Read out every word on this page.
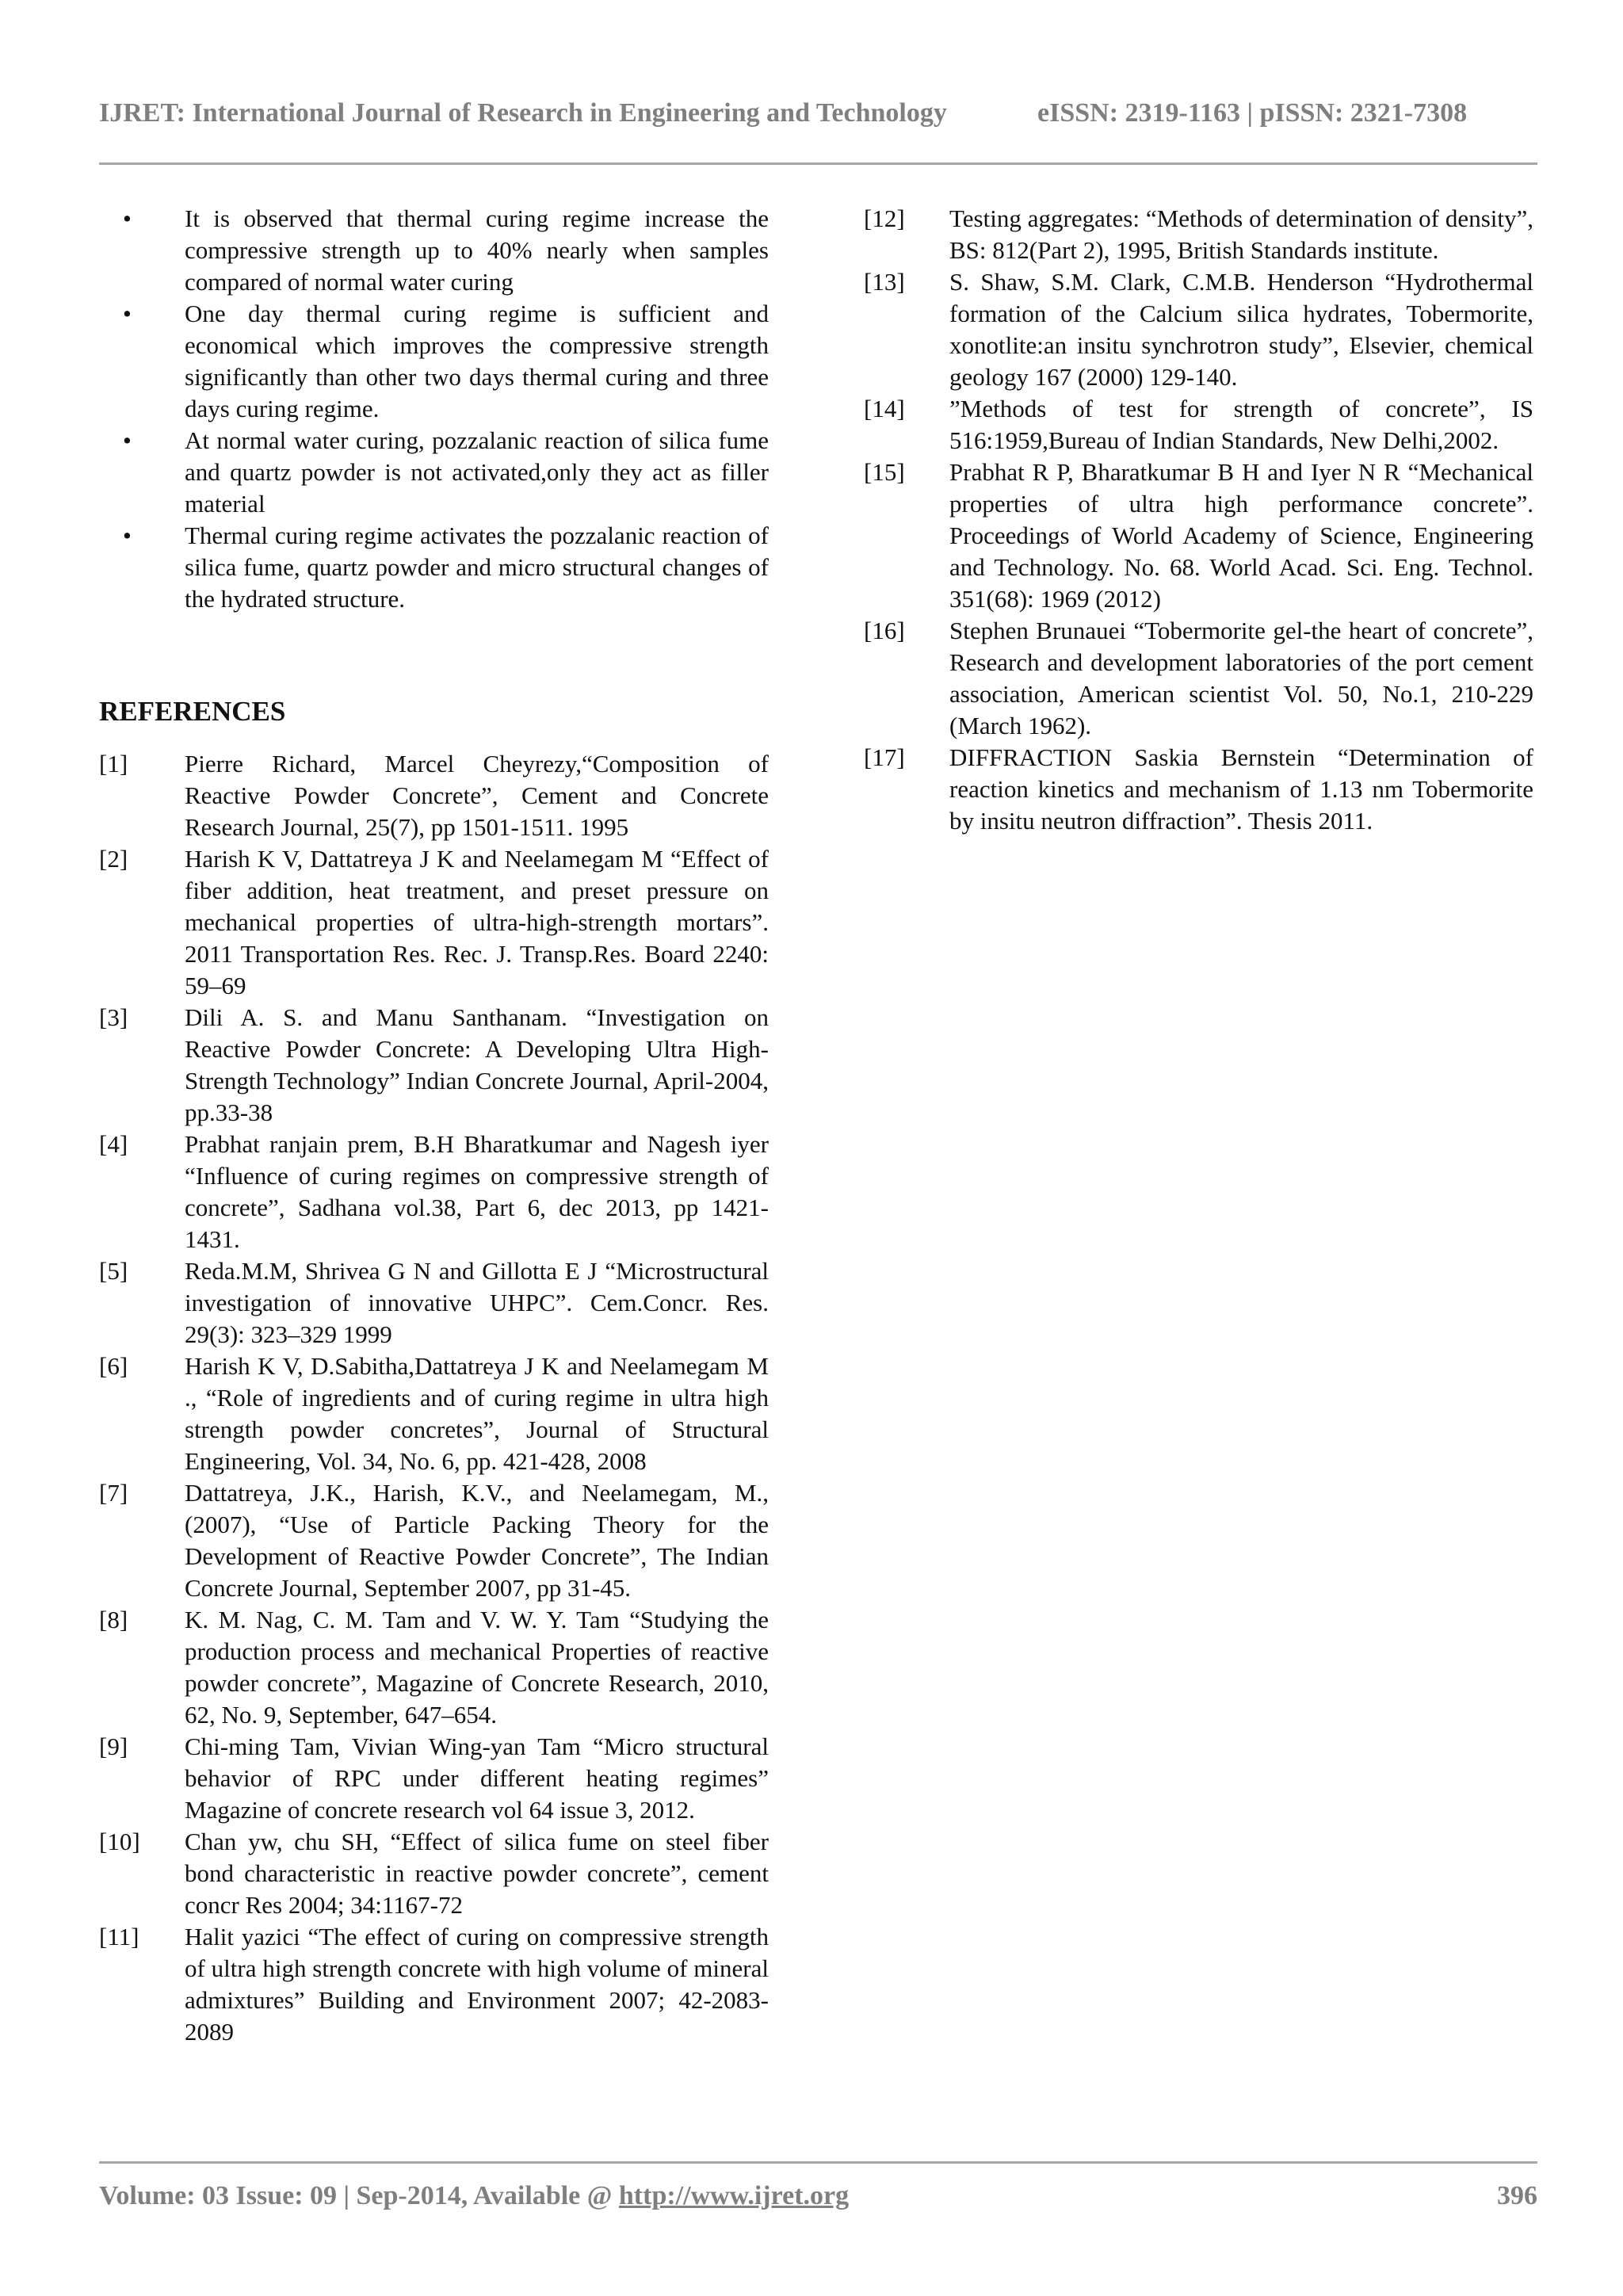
IJRET: International Journal of Research in Engineering and Technology	eISSN: 2319-1163 | pISSN: 2321-7308
• It is observed that thermal curing regime increase the compressive strength up to 40% nearly when samples compared of normal water curing
• One day thermal curing regime is sufficient and economical which improves the compressive strength significantly than other two days thermal curing and three days curing regime.
• At normal water curing, pozzalanic reaction of silica fume and quartz powder is not activated,only they act as filler material
• Thermal curing regime activates the pozzalanic reaction of silica fume, quartz powder and micro structural changes of the hydrated structure.
REFERENCES
[1] Pierre Richard, Marcel Cheyrezy,“Composition of Reactive Powder Concrete”, Cement and Concrete Research Journal, 25(7), pp 1501-1511. 1995
[2] Harish K V, Dattatreya J K and Neelamegam M “Effect of fiber addition, heat treatment, and preset pressure on mechanical properties of ultra-high-strength mortars”. 2011 Transportation Res. Rec. J. Transp.Res. Board 2240: 59–69
[3] Dili A. S. and Manu Santhanam. “Investigation on Reactive Powder Concrete: A Developing Ultra High-Strength Technology” Indian Concrete Journal, April-2004, pp.33-38
[4] Prabhat ranjain prem, B.H Bharatkumar and Nagesh iyer “Influence of curing regimes on compressive strength of concrete”, Sadhana vol.38, Part 6, dec 2013, pp 1421-1431.
[5] Reda.M.M, Shrivea G N and Gillotta E J “Microstructural investigation of innovative UHPC”. Cem.Concr. Res. 29(3): 323–329 1999
[6] Harish K V, D.Sabitha,Dattatreya J K and Neelamegam M ., “Role of ingredients and of curing regime in ultra high strength powder concretes”, Journal of Structural Engineering, Vol. 34, No. 6, pp. 421-428, 2008
[7] Dattatreya, J.K., Harish, K.V., and Neelamegam, M., (2007), “Use of Particle Packing Theory for the Development of Reactive Powder Concrete”, The Indian Concrete Journal, September 2007, pp 31-45.
[8] K. M. Nag, C. M. Tam and V. W. Y. Tam “Studying the production process and mechanical Properties of reactive powder concrete”, Magazine of Concrete Research, 2010, 62, No. 9, September, 647–654.
[9] Chi-ming Tam, Vivian Wing-yan Tam “Micro structural behavior of RPC under different heating regimes” Magazine of concrete research vol 64 issue 3, 2012.
[10] Chan yw, chu SH, “Effect of silica fume on steel fiber bond characteristic in reactive powder concrete”, cement concr Res 2004; 34:1167-72
[11] Halit yazici “The effect of curing on compressive strength of ultra high strength concrete with high volume of mineral admixtures” Building and Environment 2007; 42-2083-2089
[12] Testing aggregates: “Methods of determination of density”, BS: 812(Part 2), 1995, British Standards institute.
[13] S. Shaw, S.M. Clark, C.M.B. Henderson “Hydrothermal formation of the Calcium silica hydrates, Tobermorite, xonotlite:an insitu synchrotron study”, Elsevier, chemical geology 167 (2000) 129-140.
[14] ”Methods of test for strength of concrete”, IS 516:1959,Bureau of Indian Standards, New Delhi,2002.
[15] Prabhat R P, Bharatkumar B H and Iyer N R “Mechanical properties of ultra high performance concrete”. Proceedings of World Academy of Science, Engineering and Technology. No. 68. World Acad. Sci. Eng. Technol. 351(68): 1969 (2012)
[16] Stephen Brunauei “Tobermorite gel-the heart of concrete”, Research and development laboratories of the port cement association, American scientist Vol. 50, No.1, 210-229 (March 1962).
[17] DIFFRACTION Saskia Bernstein “Determination of reaction kinetics and mechanism of 1.13 nm Tobermorite by insitu neutron diffraction”. Thesis 2011.
Volume: 03 Issue: 09 | Sep-2014, Available @ http://www.ijret.org	396
